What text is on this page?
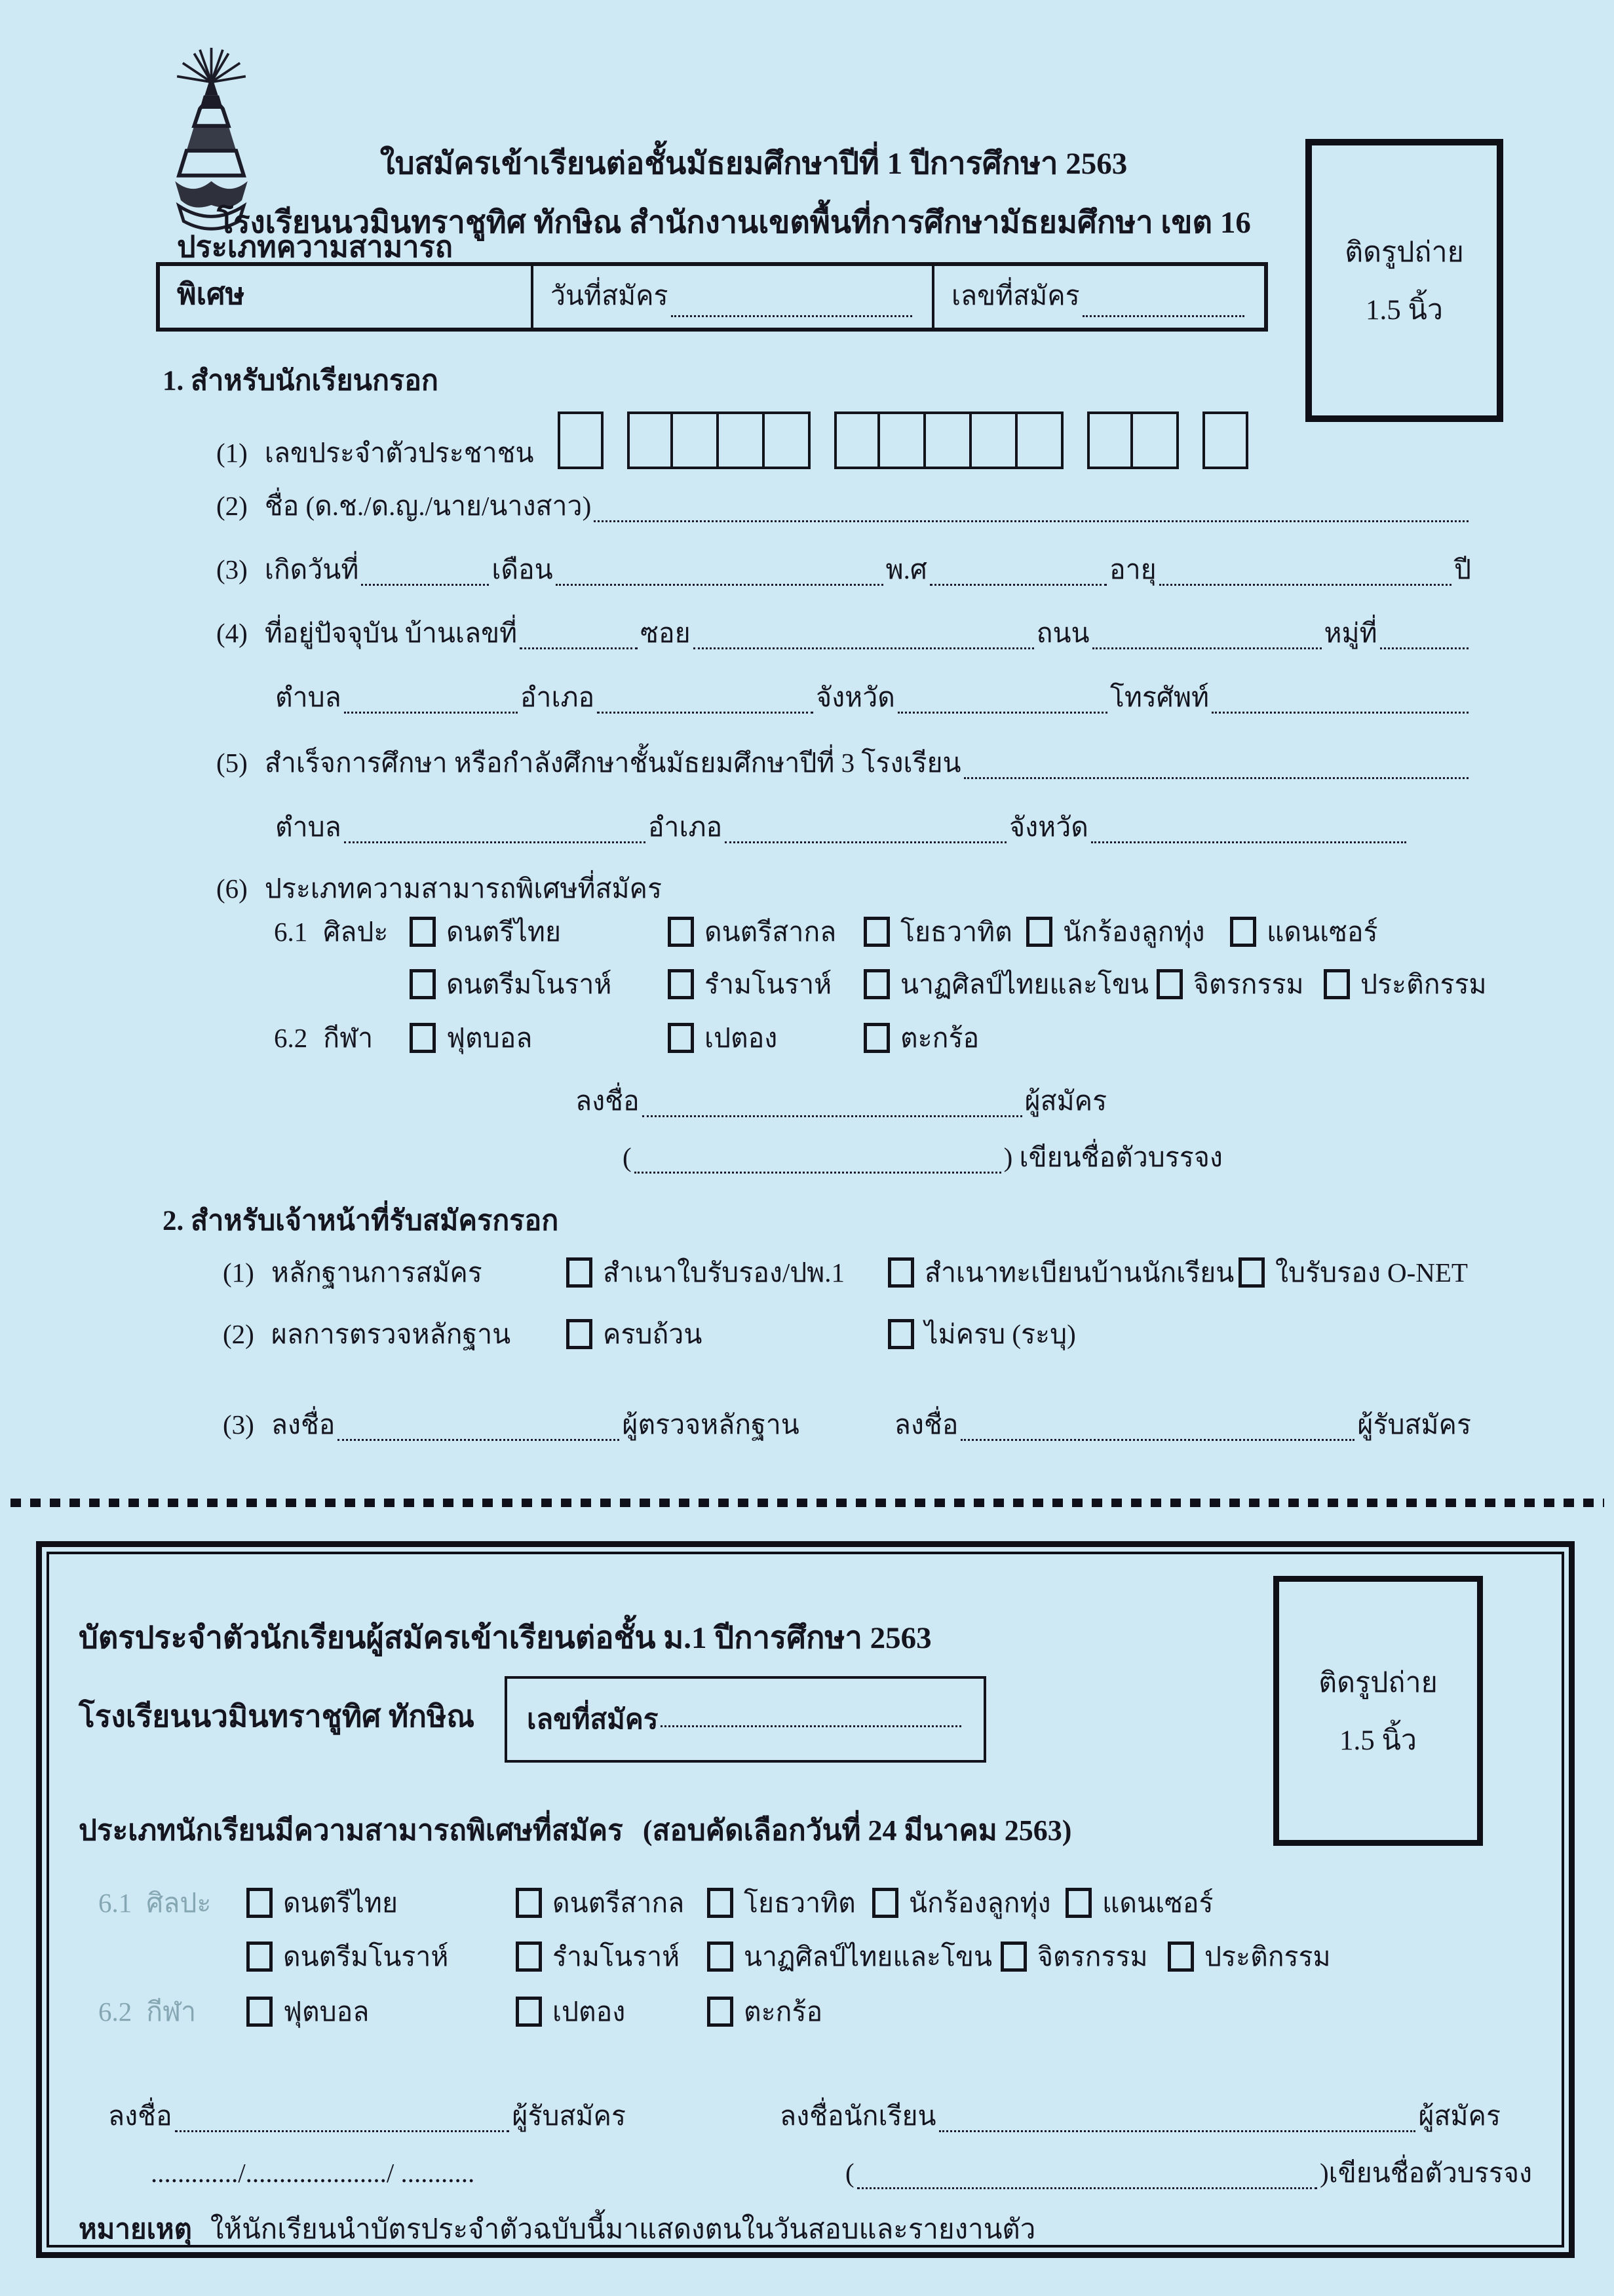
ใบสมัครเข้าเรียนต่อชั้นมัธยมศึกษาปีที่ 1 ปีการศึกษา 2563
โรงเรียนนวมินทราชูทิศ ทักษิณ สำนักงานเขตพื้นที่การศึกษามัธยมศึกษา เขต 16
ติดรูปถ่าย
1.5 นิ้ว
ประเภทความสามารถพิเศษ	วันที่สมัคร	เลขที่สมัคร
1. สำหรับนักเรียนกรอก
(1) เลขประจำตัวประชาชน
(2) ชื่อ (ด.ช./ด.ญ./นาย/นางสาว)
(3) เกิดวันที่	เดือน	พ.ศ	อายุ	ปี
(4) ที่อยู่ปัจจุบัน บ้านเลขที่	ซอย	ถนน	หมู่ที่
ตำบล	อำเภอ	จังหวัด	โทรศัพท์
(5) สำเร็จการศึกษา หรือกำลังศึกษาชั้นมัธยมศึกษาปีที่ 3 โรงเรียน
ตำบล	อำเภอ	จังหวัด
(6) ประเภทความสามารถพิเศษที่สมัคร
6.1 ศิลปะ ดนตรีไทย	ดนตรีสากล โยธวาทิต นักร้องลูกทุ่ง แดนเซอร์
ดนตรีมโนราห์	รำมโนราห์	นาฏศิลป์ไทยและโขน จิตรกรรม ประติกรรม
6.2 กีฬา	ฟุตบอล	เปตอง	ตะกร้อ
ลงชื่อ	ผู้สมัคร
(	) เขียนชื่อตัวบรรจง
2. สำหรับเจ้าหน้าที่รับสมัครกรอก
(1) หลักฐานการสมัคร	สำเนาใบรับรอง/ปพ.1	สำเนาทะเบียนบ้านนักเรียน ใบรับรอง O-NET
(2) ผลการตรวจหลักฐาน	ครบถ้วน	ไม่ครบ (ระบุ)
(3) ลงชื่อ	ผู้ตรวจหลักฐาน	ลงชื่อ	ผู้รับสมัคร
บัตรประจำตัวนักเรียนผู้สมัครเข้าเรียนต่อชั้น ม.1 ปีการศึกษา 2563
โรงเรียนนวมินทราชูทิศ ทักษิณ เลขที่สมัคร
ติดรูปถ่าย
1.5 นิ้ว
ประเภทนักเรียนมีความสามารถพิเศษที่สมัคร (สอบคัดเลือกวันที่ 24 มีนาคม 2563)
6.1 ศิลปะ	ดนตรีไทย	ดนตรีสากล โยธวาทิต นักร้องลูกทุ่ง แดนเซอร์
ดนตรีมโนราห์	รำมโนราห์ นาฏศิลป์ไทยและโขน จิตรกรรม ประติกรรม
6.2 กีฬา	ฟุตบอล	เปตอง	ตะกร้อ
ลงชื่อ	ผู้รับสมัคร	ลงชื่อนักเรียน	ผู้สมัคร
............./...................../ ...........	(	)เขียนชื่อตัวบรรจง
หมายเหตุ ให้นักเรียนนำบัตรประจำตัวฉบับนี้มาแสดงตนในวันสอบและรายงานตัว
